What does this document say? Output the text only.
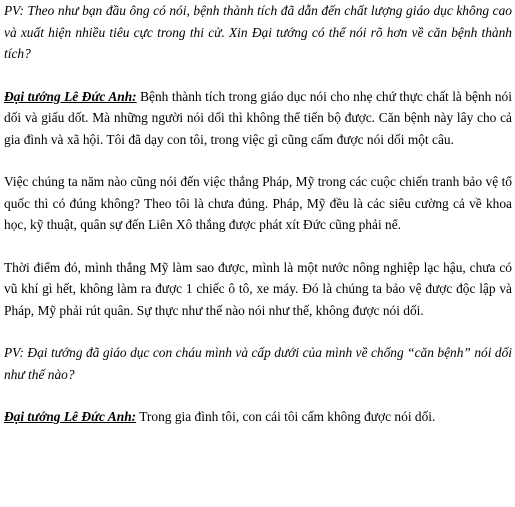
PV: Theo như bạn đầu ông có nói, bệnh thành tích đã dẫn đến chất lượng giáo dục không cao và xuất hiện nhiều tiêu cực trong thi cử. Xin Đại tướng có thể nói rõ hơn về căn bệnh thành tích?

Đại tướng Lê Đức Anh: Bệnh thành tích trong giáo dục nói cho nhẹ chứ thực chất là bệnh nói dối và giấu dốt. Mà những người nói dối thì không thể tiến bộ được. Căn bệnh này lây cho cả gia đình và xã hội. Tôi đã dạy con tôi, trong việc gì cũng cấm được nói dối một câu.

Việc chúng ta năm nào cũng nói đến việc thắng Pháp, Mỹ trong các cuộc chiến tranh bảo vệ tổ quốc thì có đúng không? Theo tôi là chưa đúng. Pháp, Mỹ đều là các siêu cường cả về khoa học, kỹ thuật, quân sự đến Liên Xô thắng được phát xít Đức cũng phải nể.

Thời điểm đó, mình thắng Mỹ làm sao được, mình là một nước nông nghiệp lạc hậu, chưa có vũ khí gì hết, không làm ra được 1 chiếc ô tô, xe máy. Đó là chúng ta bảo vệ được độc lập và Pháp, Mỹ phải rút quân. Sự thực như thế nào nói như thế, không được nói dối.

PV: Đại tướng đã giáo dục con cháu mình và cấp dưới của mình về chống “căn bệnh” nói dối như thế nào?

Đại tướng Lê Đức Anh: Trong gia đình tôi, con cái tôi cấm không được nói dối.
